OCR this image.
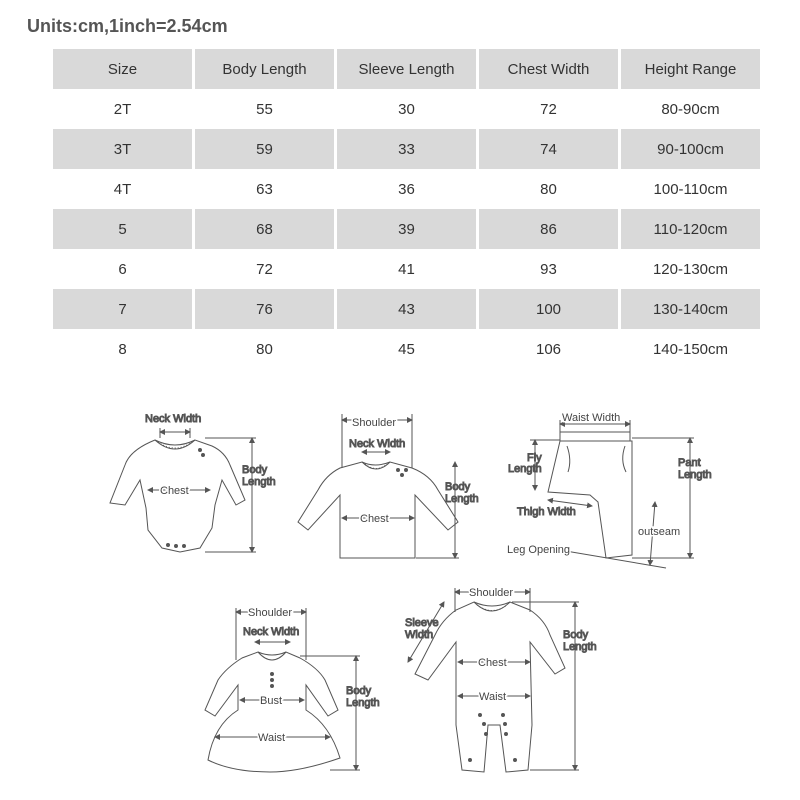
Units:cm,1inch=2.54cm
Size	Body Length	Sleeve Length	Chest Width	Height Range
2T	55	30	72	80-90cm
3T	59	33	74	90-100cm
4T	63	36	80	100-110cm
5	68	39	86	110-120cm
6	72	41	93	120-130cm
7	76	43	100	130-140cm
8	80	45	106	140-150cm
Neck Width
Chest
Body
Length
Shoulder
Neck Width
Chest
Body
Length
Waist Width
Fly
Length	Pant
Length
Thigh Width
outseam
Leg Opening
Shoulder
Neck Width
Bust
Waist
Body
Length
Shoulder
Sleeve
Width
Chest
Waist
Body
Length
